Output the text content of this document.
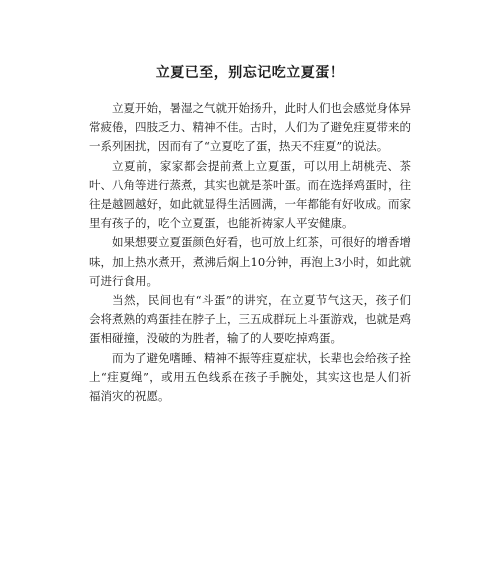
立夏已至，别忘记吃立夏蛋！

立夏开始，暑湿之气就开始扬升，此时人们也会感觉身体异常疲倦，四肢乏力、精神不佳。古时，人们为了避免疰夏带来的一系列困扰，因而有了“立夏吃了蛋，热天不疰夏”的说法。

立夏前，家家都会提前煮上立夏蛋，可以用上胡桃壳、茶叶、八角等进行蒸煮，其实也就是茶叶蛋。而在选择鸡蛋时，往往是越圆越好，如此就显得生活圆满，一年都能有好收成。而家里有孩子的，吃个立夏蛋，也能祈祷家人平安健康。

如果想要立夏蛋颜色好看，也可放上红茶，可很好的增香增味，加上热水煮开，煮沸后焖上10分钟，再泡上3小时，如此就可进行食用。

当然，民间也有“斗蛋”的讲究，在立夏节气这天，孩子们会将煮熟的鸡蛋挂在脖子上，三五成群玩上斗蛋游戏，也就是鸡蛋相碰撞，没破的为胜者，输了的人要吃掉鸡蛋。

而为了避免嗜睡、精神不振等疰夏症状，长辈也会给孩子拴上“疰夏绳”，或用五色线系在孩子手腕处，其实这也是人们祈福消灾的祝愿。
